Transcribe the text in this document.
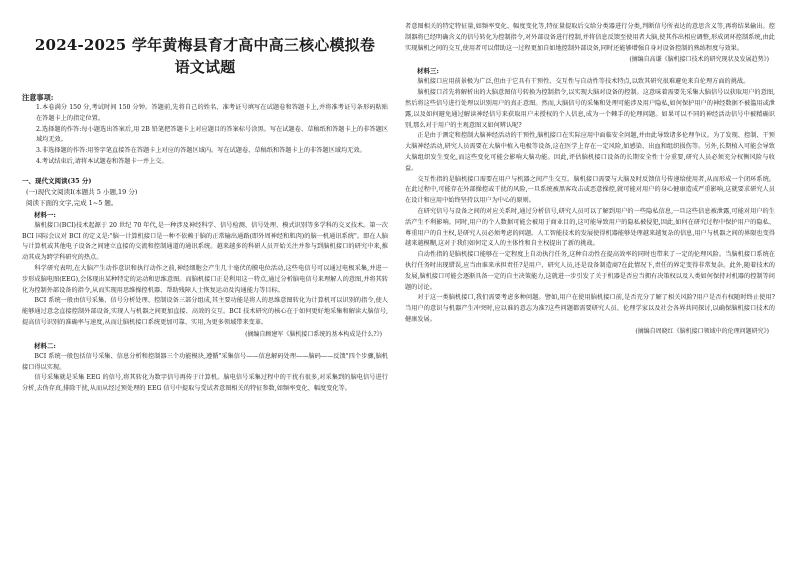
2024-2025 学年黄梅县育才高中高三核心模拟卷
语文试题
注意事项:

1.本卷满分 150 分,考试时间 150 分钟。答题前,先将自己的姓名、准考证号填写在试题卷和答题卡上,并将准考证号条形码粘贴在答题卡上的指定位置。

2.选择题的作答:每小题选出答案后,用 2B 铅笔把答题卡上对应题目的答案标号涂黑。写在试题卷、草稿纸和答题卡上的非答题区域均无效。

3.非选择题的作答:用签字笔直接答在答题卡上对应的答题区域内。写在试题卷、草稿纸和答题卡上的非答题区域均无效。

4.考试结束后,请将本试题卷和答题卡一并上交。

一、现代文阅读(35 分)
(一)现代文阅读Ⅰ(本题共 5 小题,19 分)
阅读下面的文字,完成 1~5 题。
材料一:

脑机接口(BCI)技术起源于 20 世纪 70 年代,是一种涉及神经科学、信号检测、信号处理、模式识别等多学科的交叉技术。第一次 BCI 国际会议对 BCI 的定义是:"脑一计算机接口是一种不依赖于脑的正常输出通路(即外周神经和肌肉)的脑一机通讯系统"。即在人脑与计算机或其他电子设备之间建立直接的交流和控制通道的通讯系统。越来越多的科研人员开始关注并参与到脑机接口的研究中来,推动其成为跨学科研究的热点。

科学研究表明,在大脑产生动作意识和执行动作之前,神经细胞会产生几十毫伏的膜电位活动,这些电信号可以通过电极采集,并进一步形成脑电图(EEG),会体现出某种特定的运动和思维意图。而脑机接口正是利用这一特点,通过分析脑电信号来理解人的意图,并将其转化为控制外部设备的指令,从而实现用思维操控机器、帮助残障人士恢复运动及沟通能力等目标。

BCI 系统一般由信号采集、信号分析处理、控制设备三部分组成,其主要功能是将人的思维意图转化为计算机可以识别的指令,使人能够通过意念直接控制外部设备,实现人与机器之间更加直接、高效的交互。BCI 技术研究的核心在于如何更好地采集和解读大脑信号,提高信号识别的准确率与速度,从而让脑机接口系统更加可靠、实用,为更多领域带来变革。

(摘编自顾建军《脑机接口系统的基本构成是什么?》)
材料二:

BCI 系统一般包括信号采集、信息分析和控制器三个功能模块,遵循"采集信号——信息解码处理——脑码——反馈"四个步骤,脑机接口得以实现。

信号采集就是采集 EEG 的信号,将其转化为数字信号再传于计算机。脑电信号采集过程中的干扰有很多,对采集到的脑电信号进行分析,去伪存真,排除干扰,从而从经过预处理的 EEG 信号中提取与受试者意图相关的特征参数,如频率变化、幅度变化等。

者意图相关的特定特征量,如频率变化、幅度变化等,特征量提取后交给分类器进行分类,判断信号所表达的意思含义等,再将结果输出。控制器将已经明确含义的信号转化为控制指令,对外部设备进行控制,并将信息反馈至使用者大脑,使其作出相应调整,形成闭环控制系统,由此实现脑机之间的交互,使用者可以借助这一过程更加自如地控制外部设备,同时还能够增强自身对设备控制的熟练程度与效果。

(摘编自高谦《脑机接口技术的研究现状及发展趋势》)
材料三:

脑机接口应用前景极为广泛,但由于它具有干预性、交互性与自动性等技术特点,以致其研究很难避免来自伦理方面的挑战。

脑机接口首先将解析出的大脑意图信号转换为控制指令,以实现大脑对设备的控制。这意味着需要先采集大脑信号以获取用户的意图,然后将这些信号进行处理以识别用户的真正意图。然而,大脑信号的采集和处理可能涉及用户隐私,如何保护用户的神经数据不被滥用或泄露,以及如何避免通过解读神经信号来获取用户未授权的个人信息,成为一个棘手的伦理问题。如果可以不同的神经活动信号中被精确识别,那么对于用户的主观意图又如何辨认呢?

正是由于测定和控制大脑神经活动的干预性,脑机接口在实际应用中面临安全问题,并由此导致诸多伦理争议。为了发现、控制、干预大脑神经活动,研究人员需要在大脑中植入电极等设备,这在医学上存在一定风险,如感染、出血和组织损伤等。另外,长期植入可能会导致大脑组织发生变化,而这些变化可能会影响大脑功能。因此,评估脑机接口设备的长期安全性十分重要,研究人员必须充分权衡风险与收益。

交互性指的是脑机接口需要在用户与机器之间产生交互。脑机接口需要与大脑及时反馈信号传递给使用者,从而形成一个闭环系统。在此过程中,可能存在外部操控或干扰的风险,一旦系统被黑客攻击或恶意操控,就可能对用户的身心健康造成严重影响,这就要求研究人员在设计和应用中始终坚持以用户为中心的原则。

在研究信号与设备之间的对应关系时,通过分析信号,研究人员可以了解到用户的一些隐私信息,一旦这些信息被泄露,可能对用户的生活产生不利影响。同时,用户的个人数据可能会被用于商业目的,这可能导致用户的隐私被侵犯,因此,如何在研究过程中保护用户的隐私、尊重用户的自主权,是研究人员必须考虑的问题。人工智能技术的发展使得机器能够处理越来越复杂的信息,用户与机器之间的界限也变得越来越模糊,这对于我们如何定义人的主体性和自主权提出了新的挑战。

自动性指的是脑机接口能够在一定程度上自动执行任务,这种自动性在提高效率的同时也带来了一定的伦理风险。当脑机接口系统在执行任务时出现错误,应当由谁来承担责任?是用户、研究人员,还是设备制造商?在此情况下,责任的界定变得非常复杂。此外,随着技术的发展,脑机接口可能会逐渐具备一定的自主决策能力,这就进一步引发了关于机器是否应当拥有决策权以及人类如何保持对机器的控制等问题的讨论。

对于这一类脑机接口,我们需要考虑多种问题。譬如,用户在使用脑机接口前,是否充分了解了相关风险?用户是否有权随时终止使用?当用户的意识与机器产生冲突时,应以谁的意志为准?这些问题都需要研究人员、伦理学家以及社会各界共同探讨,以确保脑机接口技术的健康发展。

(摘编自周晓红《脑机接口领域中的伦理问题研究》)
